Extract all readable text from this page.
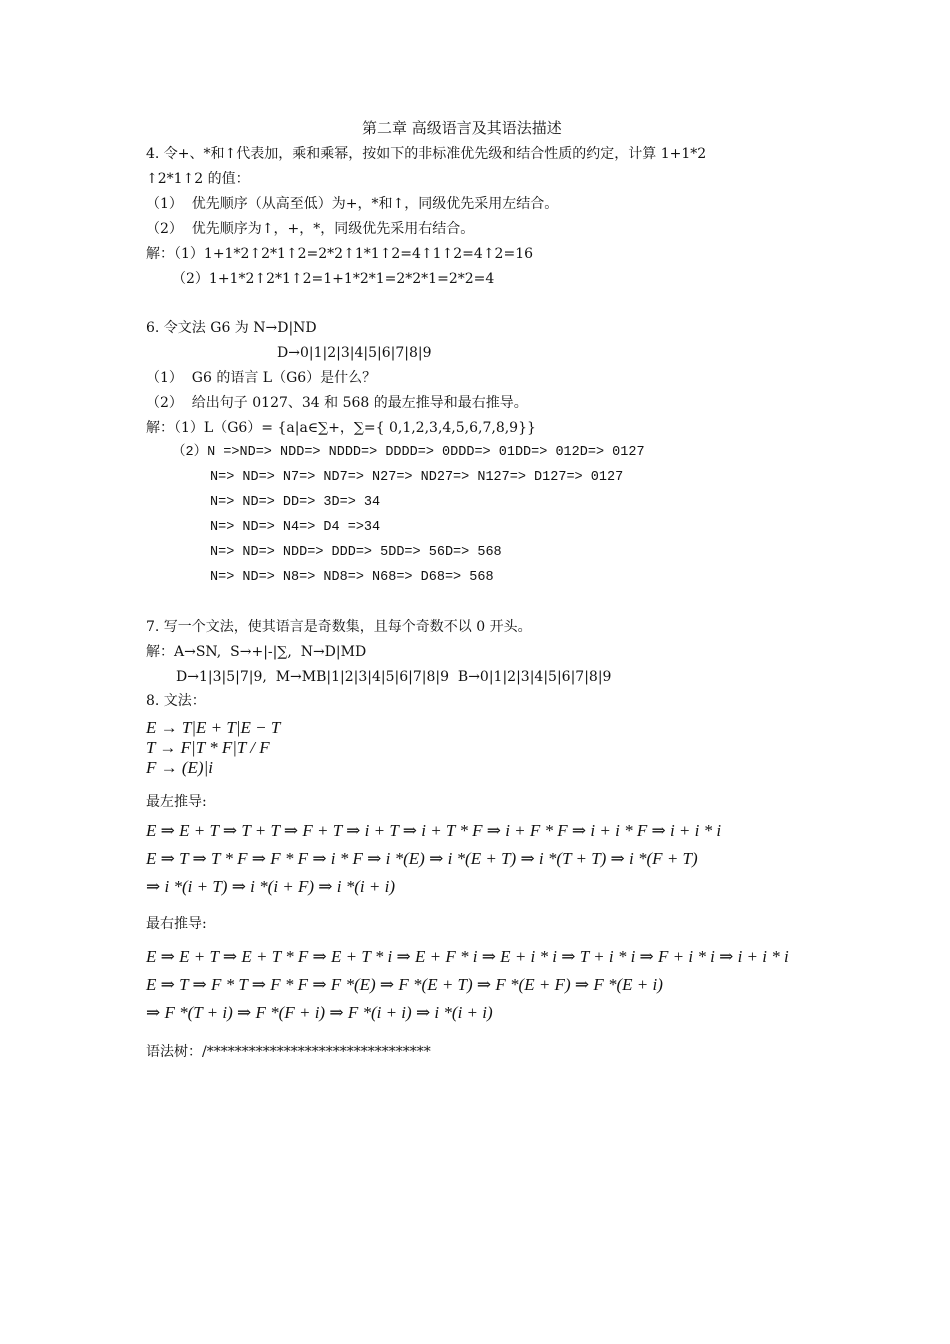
第二章 高级语言及其语法描述
4. 令+、*和↑代表加，乘和乘幂，按如下的非标准优先级和结合性质的约定，计算 1+1*2
↑2*1↑2 的值：
（1）  优先顺序（从高至低）为+，*和↑，同级优先采用左结合。
（2）  优先顺序为↑，+，*，同级优先采用右结合。
解：（1）1+1*2↑2*1↑2=2*2↑1*1↑2=4↑1↑2=4↑2=16
（2）1+1*2↑2*1↑2=1+1*2*1=2*2*1=2*2=4
6. 令文法 G6 为 N→D|ND
D→0|1|2|3|4|5|6|7|8|9
（1）  G6 的语言 L（G6）是什么？
（2）  给出句子 0127、34 和 568 的最左推导和最右推导。
解：（1）L（G6）= {a|a∈∑+，∑={ 0,1,2,3,4,5,6,7,8,9}}
（2）N =>ND=> NDD=> NDDD=> DDDD=> 0DDD=> 01DD=> 012D=> 0127
N=> ND=> N7=> ND7=> N27=> ND27=> N127=> D127=> 0127
N=> ND=> DD=> 3D=> 34
N=> ND=> N4=> D4 =>34
N=> ND=> NDD=> DDD=> 5DD=> 56D=> 568
N=> ND=> N8=> ND8=> N68=> D68=> 568
7. 写一个文法，使其语言是奇数集，且每个奇数不以 0 开头。
解：A→SN,  S→+|-|∑,  N→D|MD
D→1|3|5|7|9,  M→MB|1|2|3|4|5|6|7|8|9  B→0|1|2|3|4|5|6|7|8|9
8. 文法：
E → T|E + T|E − T
T → F|T * F|T / F
F → (E)|i
最左推导:
E ⇒ E + T ⇒ T + T ⇒ F + T ⇒ i + T ⇒ i + T * F ⇒ i + F * F ⇒ i + i * F ⇒ i + i * i
E ⇒ T ⇒ T * F ⇒ F * F ⇒ i * F ⇒ i *(E) ⇒ i *(E + T) ⇒ i *(T + T) ⇒ i *(F + T)
⇒ i *(i + T) ⇒ i *(i + F) ⇒ i *(i + i)
最右推导:
E ⇒ E + T ⇒ E + T * F ⇒ E + T * i ⇒ E + F * i ⇒ E + i * i ⇒ T + i * i ⇒ F + i * i ⇒ i + i * i
E ⇒ T ⇒ F * T ⇒ F * F ⇒ F *(E) ⇒ F *(E + T) ⇒ F *(E + F) ⇒ F *(E + i)
⇒ F *(T + i) ⇒ F *(F + i) ⇒ F *(i + i) ⇒ i *(i + i)
语法树：/********************************
